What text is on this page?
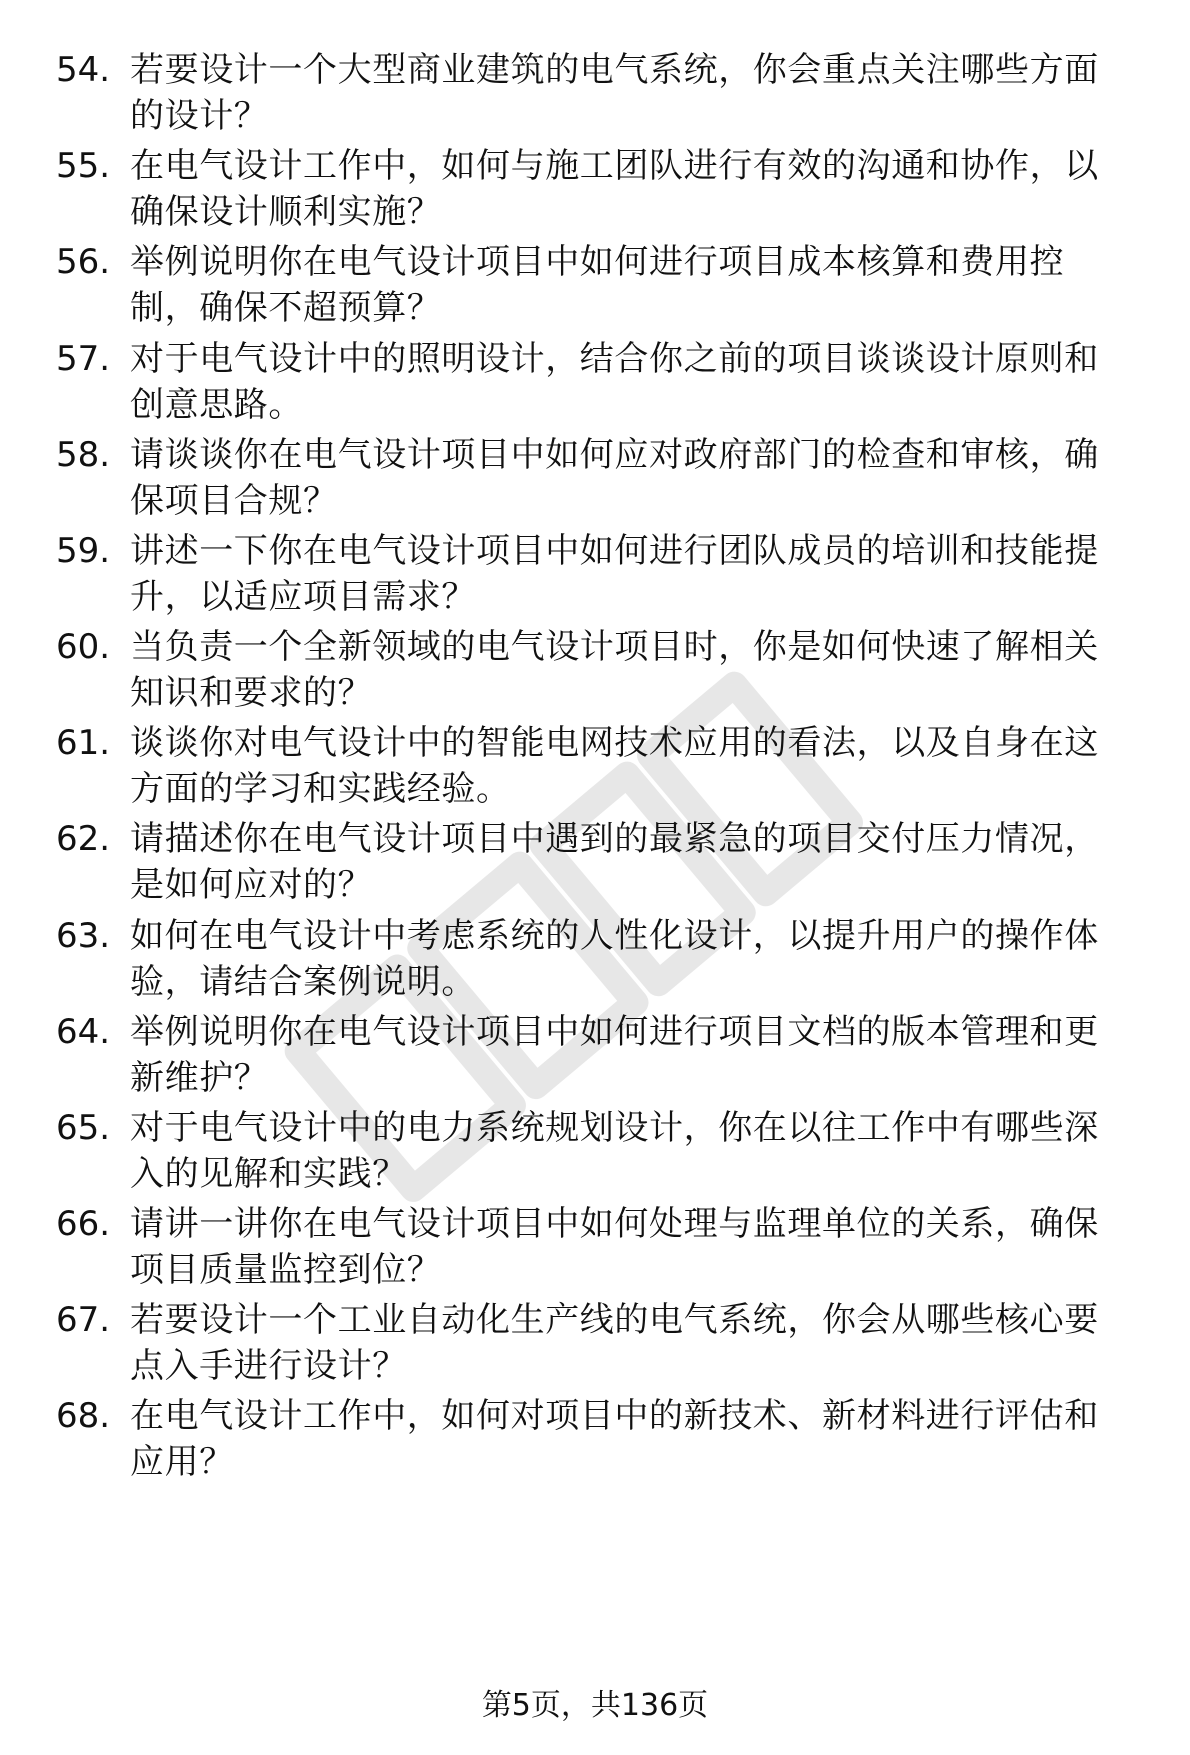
54. 若要设计一个大型商业建筑的电气系统，你会重点关注哪些方面
的设计？
55. 在电气设计工作中，如何与施工团队进行有效的沟通和协作，以
确保设计顺利实施？
56. 举例说明你在电气设计项目中如何进行项目成本核算和费用控
制，确保不超预算？
57. 对于电气设计中的照明设计，结合你之前的项目谈谈设计原则和
创意思路。
58. 请谈谈你在电气设计项目中如何应对政府部门的检查和审核，确
保项目合规？
59. 讲述一下你在电气设计项目中如何进行团队成员的培训和技能提
升，以适应项目需求？
60. 当负责一个全新领域的电气设计项目时，你是如何快速了解相关
知识和要求的？
61. 谈谈你对电气设计中的智能电网技术应用的看法，以及自身在这
方面的学习和实践经验。
62. 请描述你在电气设计项目中遇到的最紧急的项目交付压力情况，
是如何应对的？
63. 如何在电气设计中考虑系统的人性化设计，以提升用户的操作体
验，请结合案例说明。
64. 举例说明你在电气设计项目中如何进行项目文档的版本管理和更
新维护？
65. 对于电气设计中的电力系统规划设计，你在以往工作中有哪些深
入的见解和实践？
66. 请讲一讲你在电气设计项目中如何处理与监理单位的关系，确保
项目质量监控到位？
67. 若要设计一个工业自动化生产线的电气系统，你会从哪些核心要
点入手进行设计？
68. 在电气设计工作中，如何对项目中的新技术、新材料进行评估和
应用？
第5页，共136页
